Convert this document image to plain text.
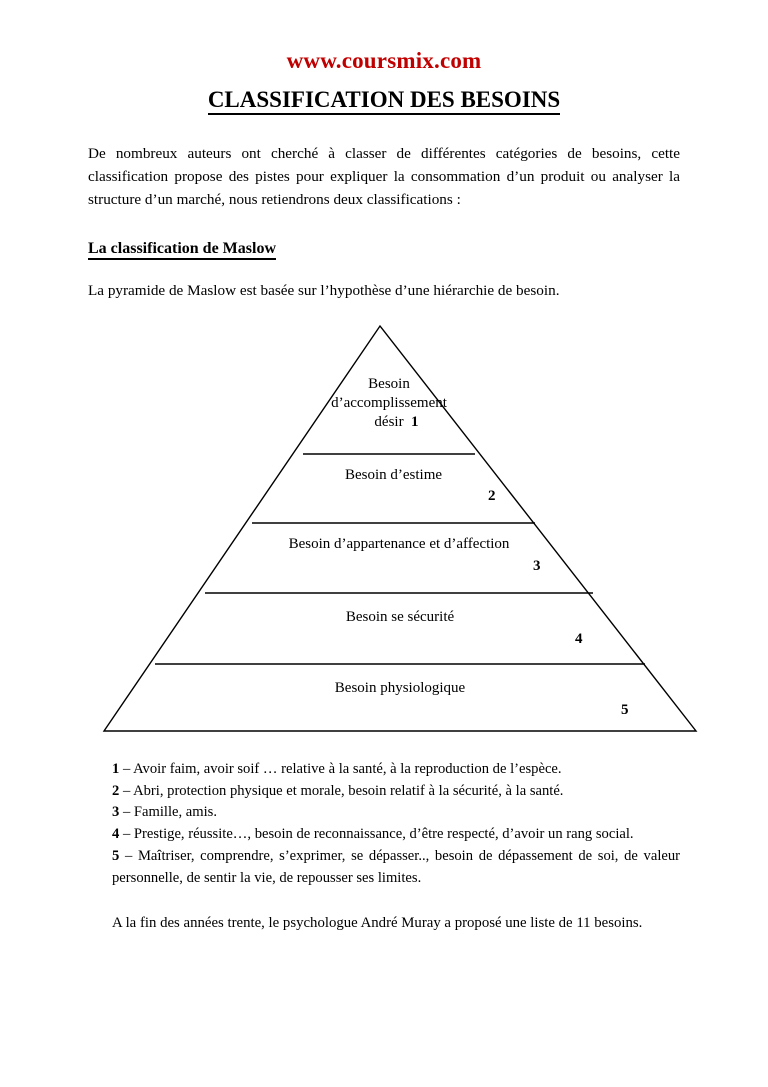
www.coursmix.com
CLASSIFICATION DES BESOINS

De nombreux auteurs ont cherché à classer de différentes catégories de besoins, cette classification propose des pistes pour expliquer la consommation d’un produit ou analyser la structure d’un marché, nous retiendrons deux classifications :

La classification de Maslow

La pyramide de Maslow est basée sur l’hypothèse d’une hiérarchie de besoin.

Besoin
d’accomplissement
désir 1
Besoin d’estime
2
Besoin d’appartenance et d’affection
3
Besoin se sécurité
4
Besoin physiologique
5

1 – Avoir faim, avoir soif … relative à la santé, à la reproduction de l’espèce.

2 – Abri, protection physique et morale, besoin relatif à la sécurité, à la santé.

3 – Famille, amis.

4 – Prestige, réussite…, besoin de reconnaissance, d’être respecté, d’avoir un rang social.

5 – Maîtriser, comprendre, s’exprimer, se dépasser.., besoin de dépassement de soi, de valeur personnelle, de sentir la vie, de repousser ses limites.

A la fin des années trente, le psychologue André Muray a proposé une liste de 11 besoins.
